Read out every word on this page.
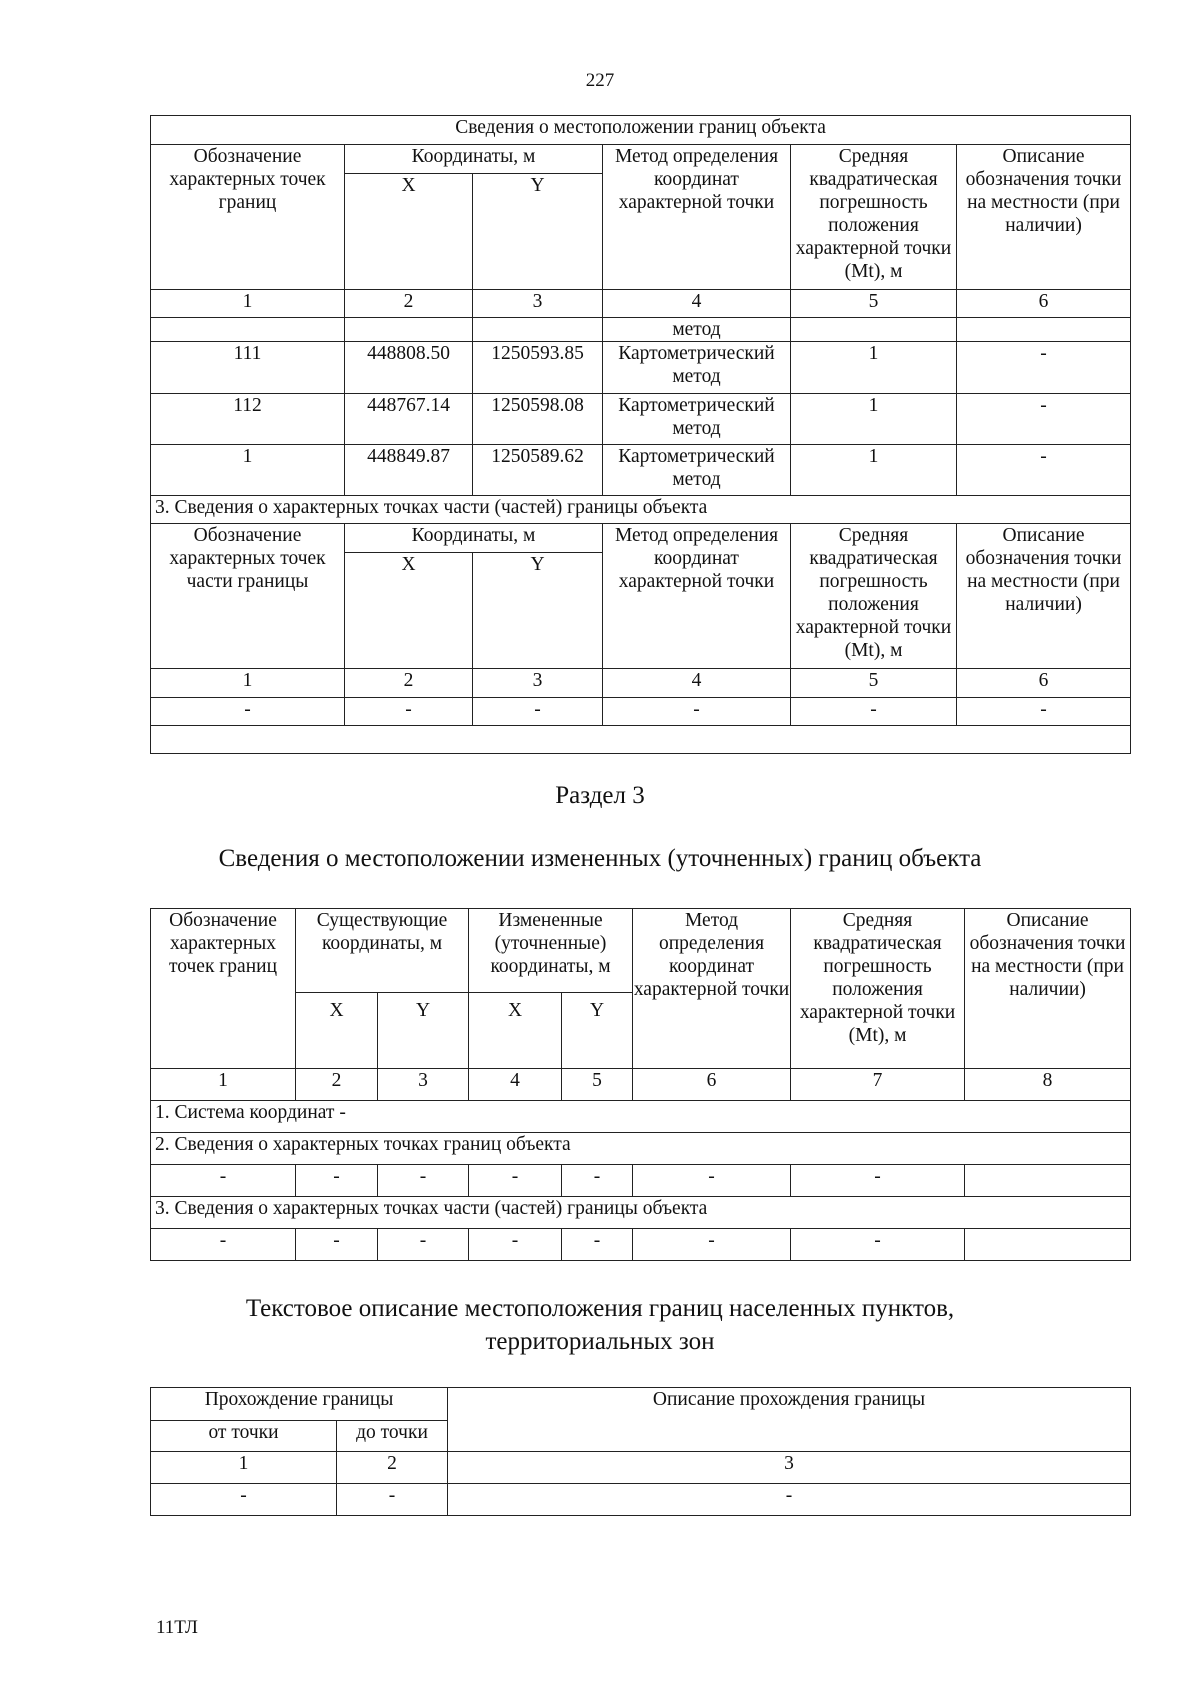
227
Сведения о местоположении границ объекта					
Обозначение характерных точек границ	Координаты, м		Метод определения координат характерной точки	Средняя квадратическая погрешность положения характерной точки (Mt), м	Описание обозначения точки на местности (при наличии)
	X	Y			
1	2	3	4	5	6
			метод		
111	448808.50	1250593.85	Картометрический метод	1	-
112	448767.14	1250598.08	Картометрический метод	1	-
1	448849.87	1250589.62	Картометрический метод	1	-
3. Сведения о характерных точках части (частей) границы объекта					
Обозначение характерных точек части границы	Координаты, м		Метод определения координат характерной точки	Средняя квадратическая погрешность положения характерной точки (Mt), м	Описание обозначения точки на местности (при наличии)
	X	Y			
1	2	3	4	5	6
-	-	-	-	-	-

Раздел 3
Сведения о местоположении измененных (уточненных) границ объекта
Обозначение характерных точек границ	Существующие координаты, м		Измененные (уточненные) координаты, м		Метод определения координат характерной точки	Средняя квадратическая погрешность положения характерной точки (Mt), м	Описание обозначения точки на местности (при наличии)
	X	Y	X	Y			
1	2	3	4	5	6	7	8
1. Система координат -							
2. Сведения о характерных точках границ объекта							
-	-	-	-	-	-	-	
3. Сведения о характерных точках части (частей) границы объекта							
-	-	-	-	-	-	-	
Текстовое описание местоположения границ населенных пунктов,
территориальных зон
Прохождение границы		Описание прохождения границы
от точки	до точки	
1	2	3
-	-	-
11ТЛ
